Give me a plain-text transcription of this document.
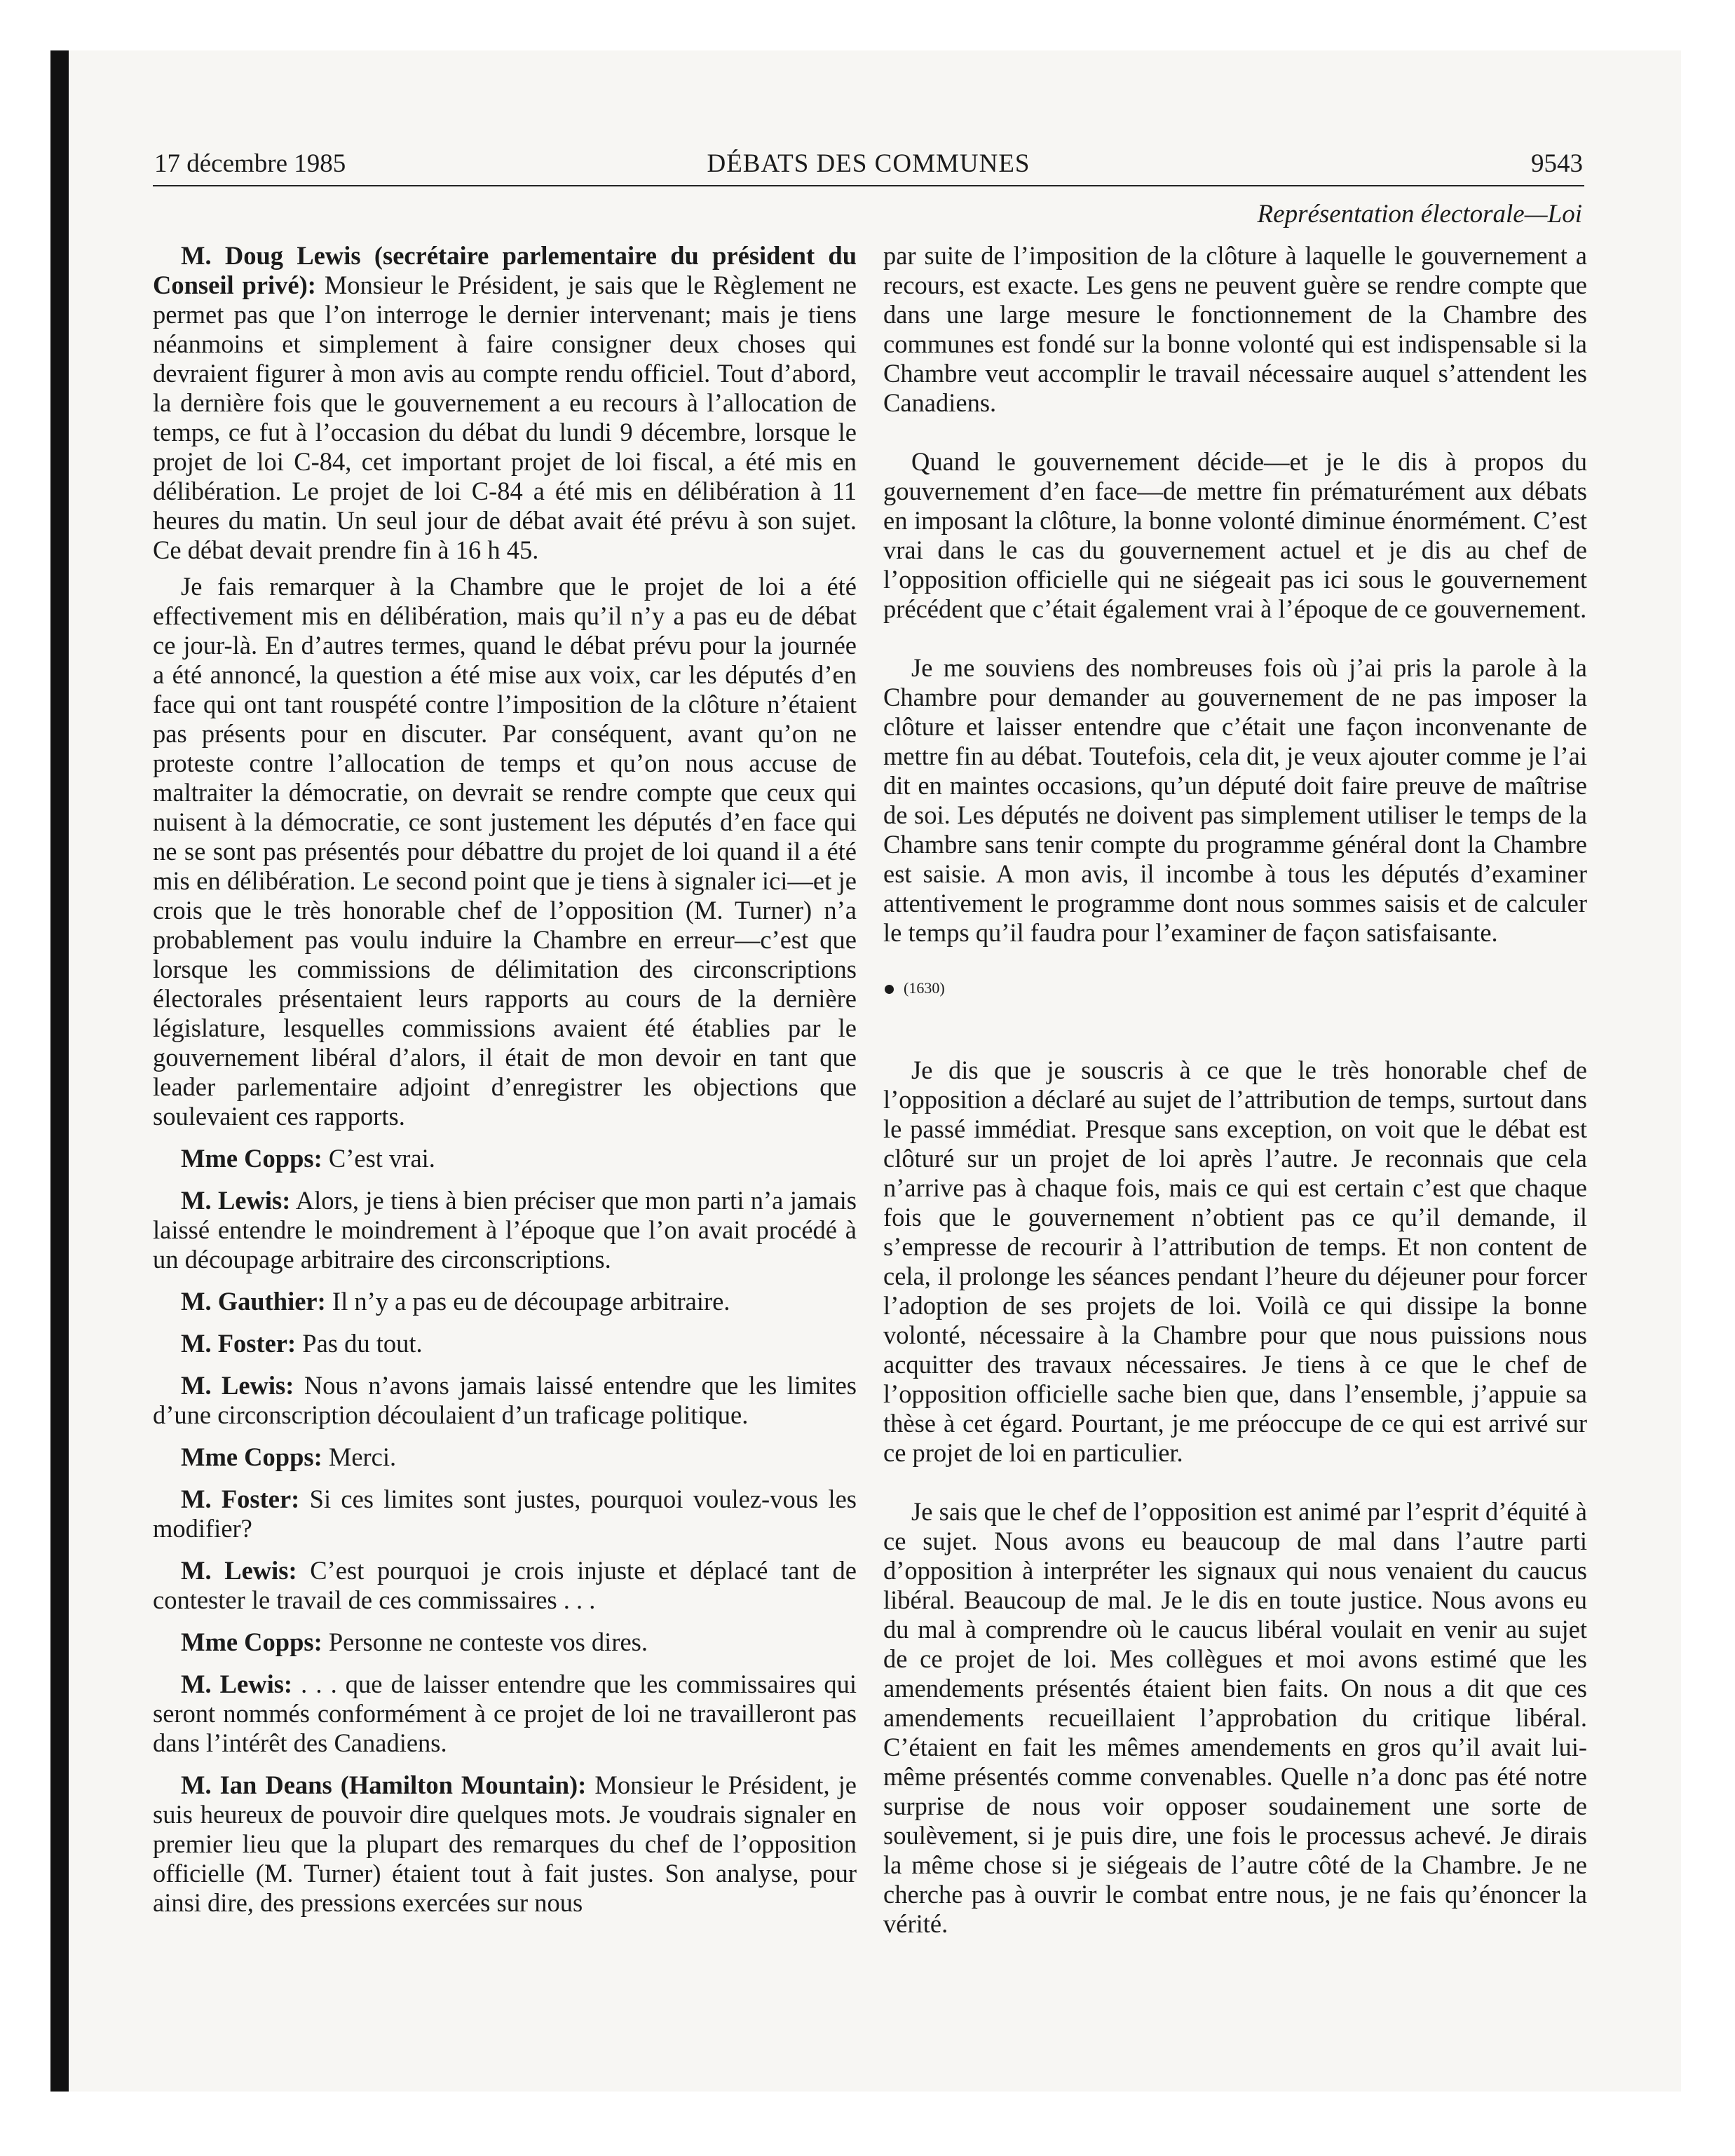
17 décembre 1985	DÉBATS DES COMMUNES	9543
Représentation électorale—Loi

M. Doug Lewis (secrétaire parlementaire du président du Conseil privé): Monsieur le Président, je sais que le Règlement ne permet pas que l’on interroge le dernier intervenant; mais je tiens néanmoins et simplement à faire consigner deux choses qui devraient figurer à mon avis au compte rendu officiel. Tout d’abord, la dernière fois que le gouvernement a eu recours à l’allocation de temps, ce fut à l’occasion du débat du lundi 9 décembre, lorsque le projet de loi C-84, cet important projet de loi fiscal, a été mis en délibération. Le projet de loi C-84 a été mis en délibération à 11 heures du matin. Un seul jour de débat avait été prévu à son sujet. Ce débat devait prendre fin à 16 h 45.

Je fais remarquer à la Chambre que le projet de loi a été effectivement mis en délibération, mais qu’il n’y a pas eu de débat ce jour-là. En d’autres termes, quand le débat prévu pour la journée a été annoncé, la question a été mise aux voix, car les députés d’en face qui ont tant rouspété contre l’imposition de la clôture n’étaient pas présents pour en discuter. Par conséquent, avant qu’on ne proteste contre l’allocation de temps et qu’on nous accuse de maltraiter la démocratie, on devrait se rendre compte que ceux qui nuisent à la démocratie, ce sont justement les députés d’en face qui ne se sont pas présentés pour débattre du projet de loi quand il a été mis en délibération. Le second point que je tiens à signaler ici—et je crois que le très honorable chef de l’opposition (M. Turner) n’a probablement pas voulu induire la Chambre en erreur—c’est que lorsque les commissions de délimitation des circonscriptions électorales présentaient leurs rapports au cours de la dernière législature, lesquelles commissions avaient été établies par le gouvernement libéral d’alors, il était de mon devoir en tant que leader parlementaire adjoint d’enregistrer les objections que soulevaient ces rapports.

Mme Copps: C’est vrai.

M. Lewis: Alors, je tiens à bien préciser que mon parti n’a jamais laissé entendre le moindrement à l’époque que l’on avait procédé à un découpage arbitraire des circonscriptions.

M. Gauthier: Il n’y a pas eu de découpage arbitraire.

M. Foster: Pas du tout.

M. Lewis: Nous n’avons jamais laissé entendre que les limites d’une circonscription découlaient d’un traficage politique.

Mme Copps: Merci.

M. Foster: Si ces limites sont justes, pourquoi voulez-vous les modifier?

M. Lewis: C’est pourquoi je crois injuste et déplacé tant de contester le travail de ces commissaires . . .

Mme Copps: Personne ne conteste vos dires.

M. Lewis: . . . que de laisser entendre que les commissaires qui seront nommés conformément à ce projet de loi ne travailleront pas dans l’intérêt des Canadiens.

M. Ian Deans (Hamilton Mountain): Monsieur le Président, je suis heureux de pouvoir dire quelques mots. Je voudrais signaler en premier lieu que la plupart des remarques du chef de l’opposition officielle (M. Turner) étaient tout à fait justes. Son analyse, pour ainsi dire, des pressions exercées sur nous

par suite de l’imposition de la clôture à laquelle le gouvernement a recours, est exacte. Les gens ne peuvent guère se rendre compte que dans une large mesure le fonctionnement de la Chambre des communes est fondé sur la bonne volonté qui est indispensable si la Chambre veut accomplir le travail nécessaire auquel s’attendent les Canadiens.

Quand le gouvernement décide—et je le dis à propos du gouvernement d’en face—de mettre fin prématurément aux débats en imposant la clôture, la bonne volonté diminue énormément. C’est vrai dans le cas du gouvernement actuel et je dis au chef de l’opposition officielle qui ne siégeait pas ici sous le gouvernement précédent que c’était également vrai à l’époque de ce gouvernement.

Je me souviens des nombreuses fois où j’ai pris la parole à la Chambre pour demander au gouvernement de ne pas imposer la clôture et laisser entendre que c’était une façon inconvenante de mettre fin au débat. Toutefois, cela dit, je veux ajouter comme je l’ai dit en maintes occasions, qu’un député doit faire preuve de maîtrise de soi. Les députés ne doivent pas simplement utiliser le temps de la Chambre sans tenir compte du programme général dont la Chambre est saisie. A mon avis, il incombe à tous les députés d’examiner attentivement le programme dont nous sommes saisis et de calculer le temps qu’il faudra pour l’examiner de façon satisfaisante.

(1630)

Je dis que je souscris à ce que le très honorable chef de l’opposition a déclaré au sujet de l’attribution de temps, surtout dans le passé immédiat. Presque sans exception, on voit que le débat est clôturé sur un projet de loi après l’autre. Je reconnais que cela n’arrive pas à chaque fois, mais ce qui est certain c’est que chaque fois que le gouvernement n’obtient pas ce qu’il demande, il s’empresse de recourir à l’attribution de temps. Et non content de cela, il prolonge les séances pendant l’heure du déjeuner pour forcer l’adoption de ses projets de loi. Voilà ce qui dissipe la bonne volonté, nécessaire à la Chambre pour que nous puissions nous acquitter des travaux nécessaires. Je tiens à ce que le chef de l’opposition officielle sache bien que, dans l’ensemble, j’appuie sa thèse à cet égard. Pourtant, je me préoccupe de ce qui est arrivé sur ce projet de loi en particulier.

Je sais que le chef de l’opposition est animé par l’esprit d’équité à ce sujet. Nous avons eu beaucoup de mal dans l’autre parti d’opposition à interpréter les signaux qui nous venaient du caucus libéral. Beaucoup de mal. Je le dis en toute justice. Nous avons eu du mal à comprendre où le caucus libéral voulait en venir au sujet de ce projet de loi. Mes collègues et moi avons estimé que les amendements présentés étaient bien faits. On nous a dit que ces amendements recueillaient l’approbation du critique libéral. C’étaient en fait les mêmes amendements en gros qu’il avait lui-même présentés comme convenables. Quelle n’a donc pas été notre surprise de nous voir opposer soudainement une sorte de soulèvement, si je puis dire, une fois le processus achevé. Je dirais la même chose si je siégeais de l’autre côté de la Chambre. Je ne cherche pas à ouvrir le combat entre nous, je ne fais qu’énoncer la vérité.
